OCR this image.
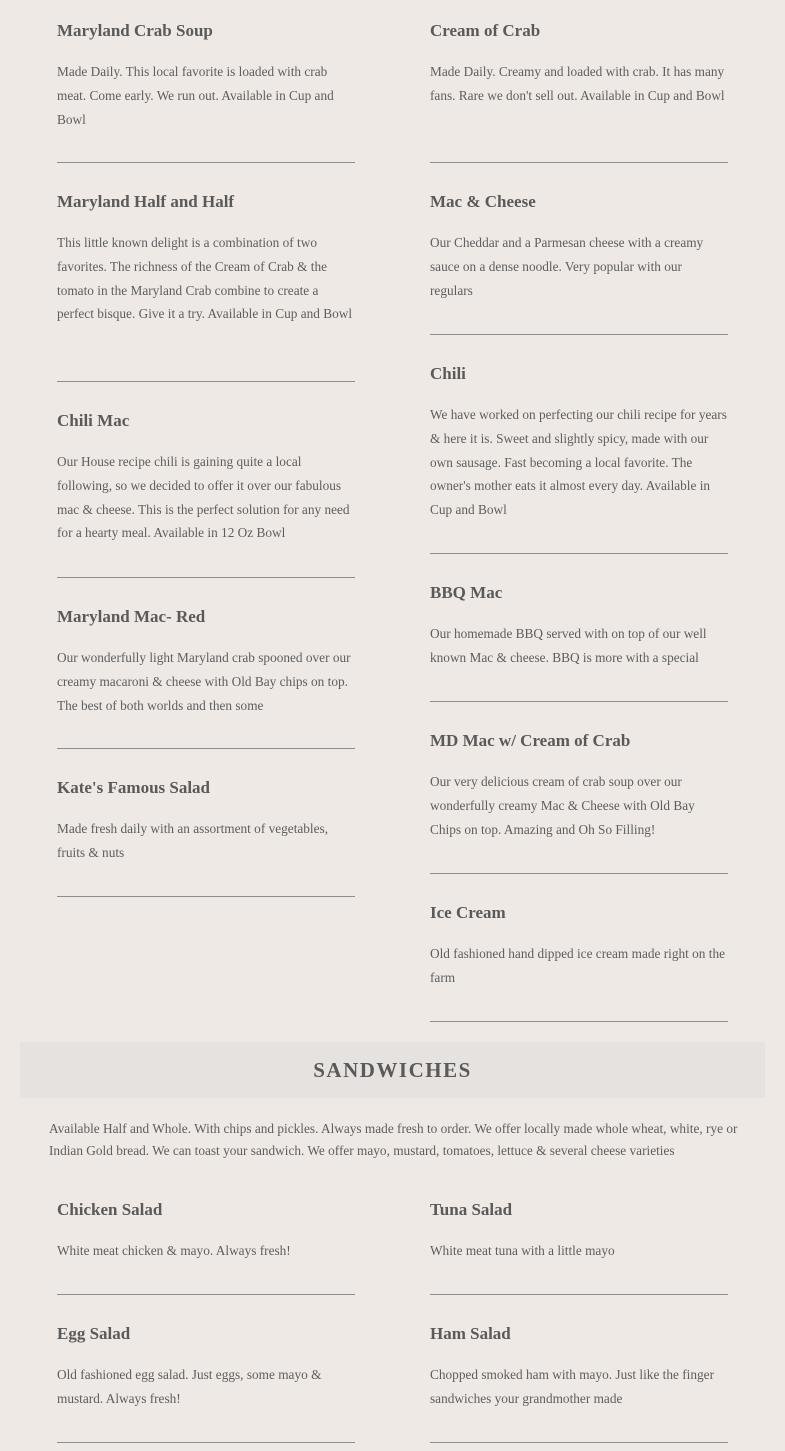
Maryland Crab Soup

Made Daily. This local favorite is loaded with crab meat. Come early. We run out. Available in Cup and Bowl

Maryland Half and Half

This little known delight is a combination of two favorites. The richness of the Cream of Crab & the tomato in the Maryland Crab combine to create a perfect bisque. Give it a try. Available in Cup and Bowl

Chili Mac

Our House recipe chili is gaining quite a local following, so we decided to offer it over our fabulous mac & cheese. This is the perfect solution for any need for a hearty meal. Available in 12 Oz Bowl

Maryland Mac- Red

Our wonderfully light Maryland crab spooned over our creamy macaroni & cheese with Old Bay chips on top. The best of both worlds and then some

Kate's Famous Salad

Made fresh daily with an assortment of vegetables, fruits & nuts

Cream of Crab

Made Daily. Creamy and loaded with crab. It has many fans. Rare we don't sell out. Available in Cup and Bowl

Mac & Cheese

Our Cheddar and a Parmesan cheese with a creamy sauce on a dense noodle. Very popular with our regulars

Chili

We have worked on perfecting our chili recipe for years & here it is. Sweet and slightly spicy, made with our own sausage. Fast becoming a local favorite. The owner's mother eats it almost every day. Available in Cup and Bowl

BBQ Mac

Our homemade BBQ served with on top of our well known Mac & cheese. BBQ is more with a special

MD Mac w/ Cream of Crab

Our very delicious cream of crab soup over our wonderfully creamy Mac & Cheese with Old Bay Chips on top. Amazing and Oh So Filling!

Ice Cream

Old fashioned hand dipped ice cream made right on the farm

SANDWICHES

Available Half and Whole. With chips and pickles. Always made fresh to order. We offer locally made whole wheat, white, rye or Indian Gold bread. We can toast your sandwich. We offer mayo, mustard, tomatoes, lettuce & several cheese varieties

Chicken Salad

White meat chicken & mayo. Always fresh!

Tuna Salad

White meat tuna with a little mayo

Egg Salad

Old fashioned egg salad. Just eggs, some mayo & mustard. Always fresh!

Ham Salad

Chopped smoked ham with mayo. Just like the finger sandwiches your grandmother made
